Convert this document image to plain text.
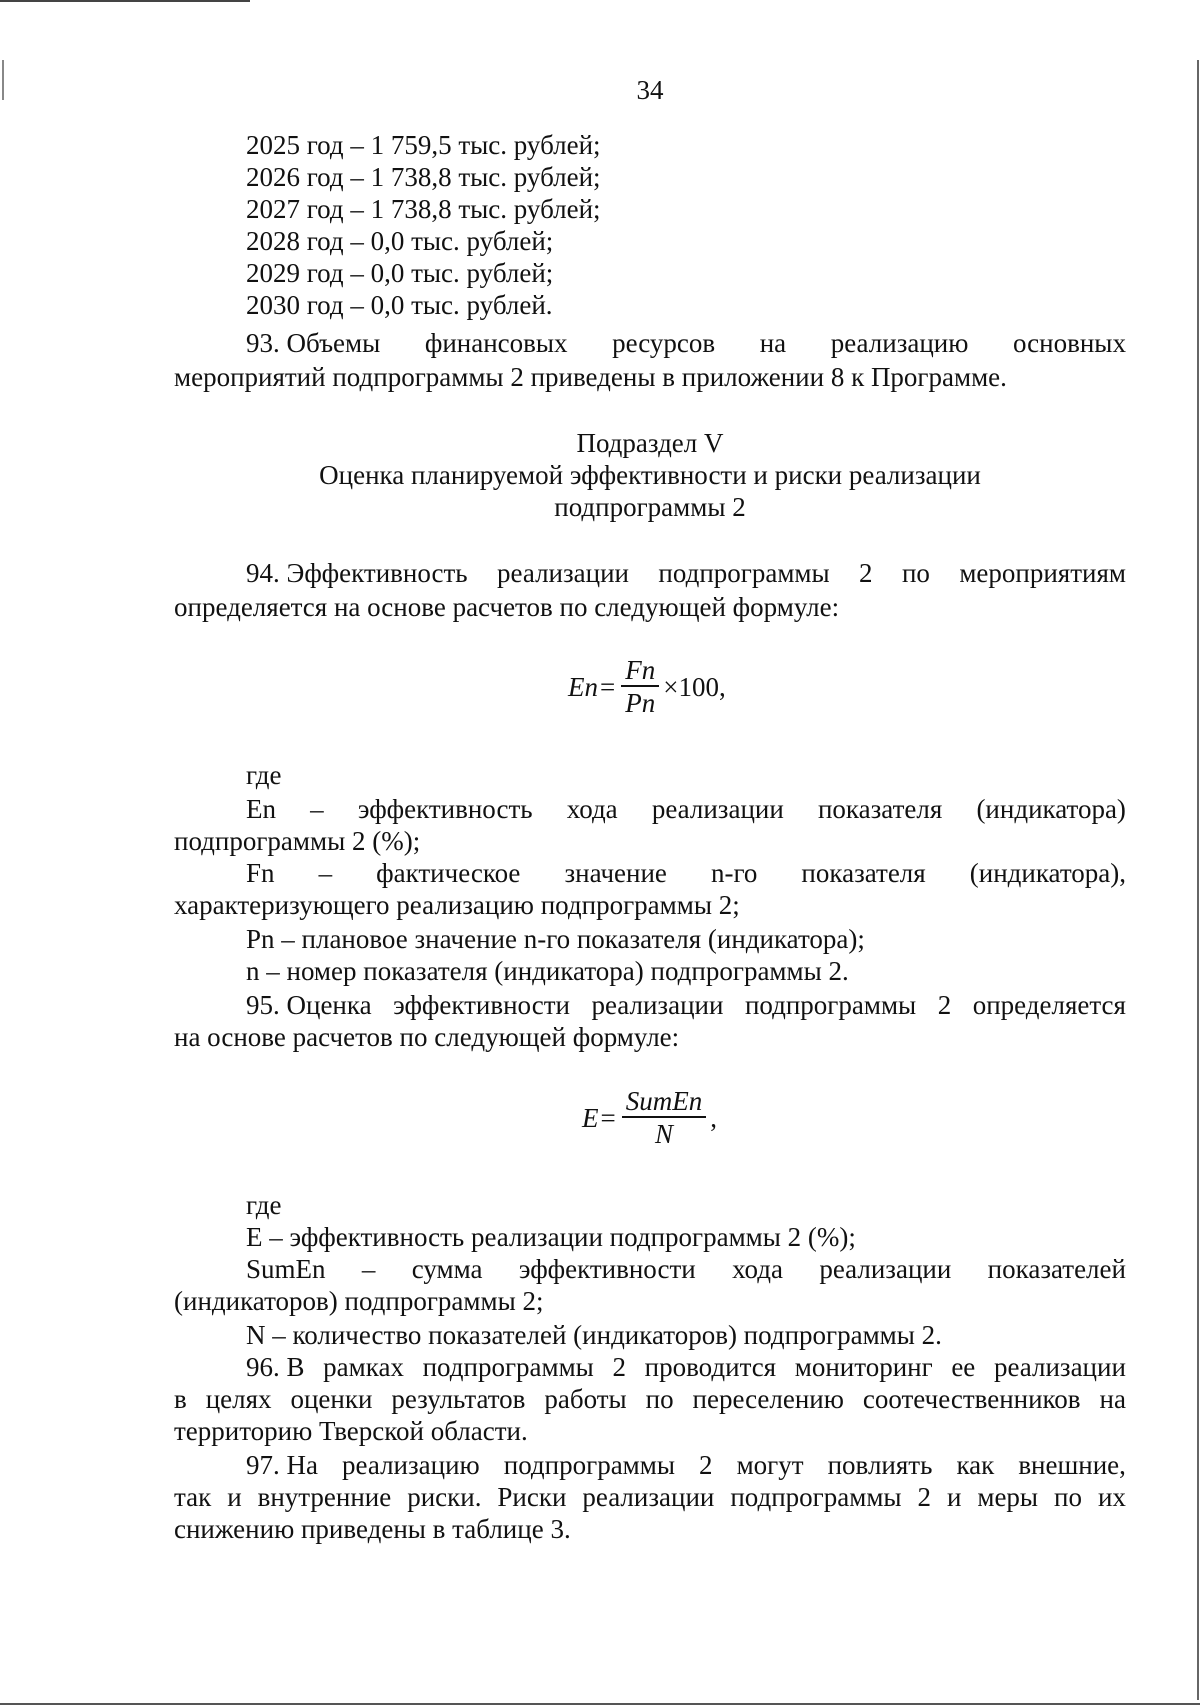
34
2025 год – 1 759,5 тыс. рублей;
2026 год – 1 738,8 тыс. рублей;
2027 год – 1 738,8 тыс. рублей;
2028 год – 0,0 тыс. рублей;
2029 год – 0,0 тыс. рублей;
2030 год – 0,0 тыс. рублей.
93. Объемы финансовых ресурсов на реализацию основных
мероприятий подпрограммы 2 приведены в приложении 8 к Программе.
Подраздел V
Оценка планируемой эффективности и риски реализации
подпрограммы 2
94. Эффективность реализации подпрограммы 2 по мероприятиям
определяется на основе расчетов по следующей формуле:
$En = \frac{Fn}{Pn} \times 100$,
где
En – эффективность хода реализации показателя (индикатора)
подпрограммы 2 (%);
Fn – фактическое значение n-го показателя (индикатора),
характеризующего реализацию подпрограммы 2;
Pn – плановое значение n-го показателя (индикатора);
n – номер показателя (индикатора) подпрограммы 2.
95. Оценка эффективности реализации подпрограммы 2 определяется
на основе расчетов по следующей формуле:
$E = \frac{\text{SumEn}}{N}$ ,
где
E – эффективность реализации подпрограммы 2 (%);
SumEn – сумма эффективности хода реализации показателей
(индикаторов) подпрограммы 2;
N – количество показателей (индикаторов) подпрограммы 2.
96. В рамках подпрограммы 2 проводится мониторинг ее реализации
в целях оценки результатов работы по переселению соотечественников на
территорию Тверской области.
97. На реализацию подпрограммы 2 могут повлиять как внешние,
так и внутренние риски. Риски реализации подпрограммы 2 и меры по их
снижению приведены в таблице 3.
